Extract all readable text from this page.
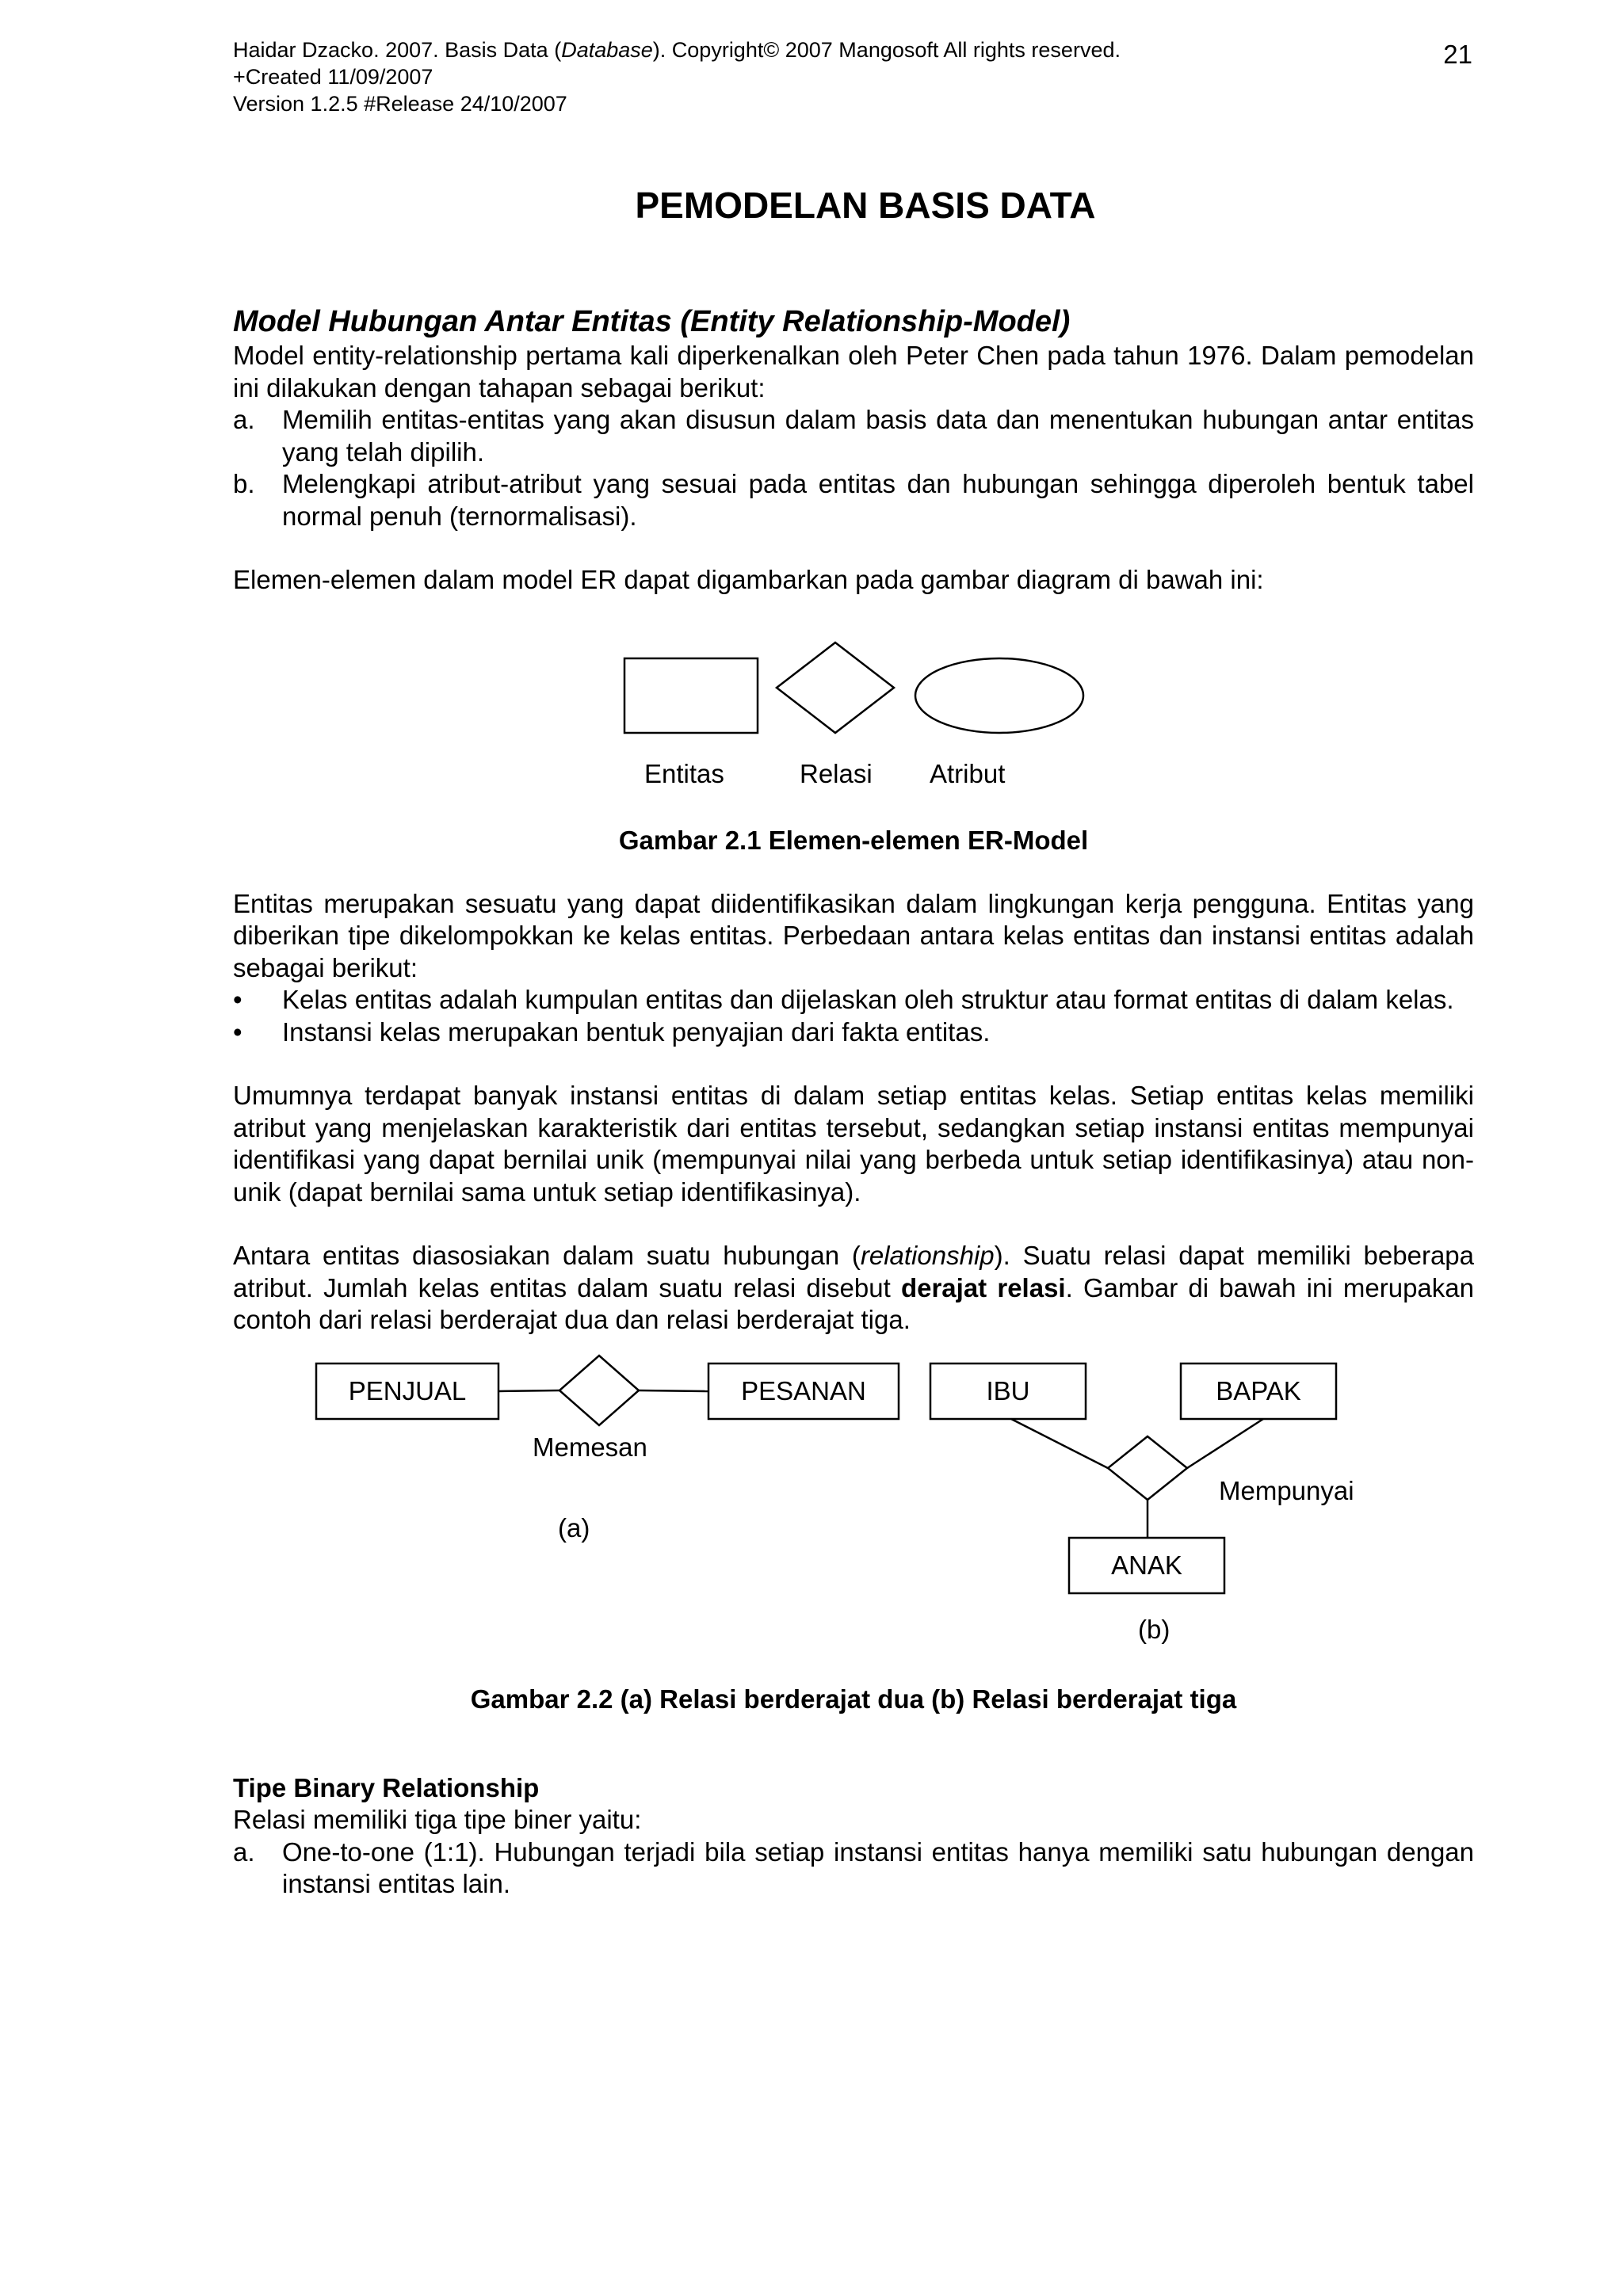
Haidar Dzacko. 2007. Basis Data (Database). Copyright© 2007 Mangosoft All rights reserved.
+Created 11/09/2007
Version 1.2.5 #Release 24/10/2007
21
PEMODELAN BASIS DATA
Model Hubungan Antar Entitas (Entity Relationship-Model)

Model entity-relationship pertama kali diperkenalkan oleh Peter Chen pada tahun 1976. Dalam pemodelan ini dilakukan dengan tahapan sebagai berikut:

a.	Memilih entitas-entitas yang akan disusun dalam basis data dan menentukan hubungan antar entitas yang telah dipilih.
b.	Melengkapi atribut-atribut yang sesuai pada entitas dan hubungan sehingga diperoleh bentuk tabel normal penuh (ternormalisasi).

Elemen-elemen dalam model ER dapat digambarkan pada gambar diagram di bawah ini:

Entitas	Relasi Atribut
Gambar 2.1 Elemen-elemen ER-Model

Entitas merupakan sesuatu yang dapat diidentifikasikan dalam lingkungan kerja pengguna. Entitas yang diberikan tipe dikelompokkan ke kelas entitas. Perbedaan antara kelas entitas dan instansi entitas adalah sebagai berikut:

•	Kelas entitas adalah kumpulan entitas dan dijelaskan oleh struktur atau format entitas di dalam kelas.
•	Instansi kelas merupakan bentuk penyajian dari fakta entitas.

Umumnya terdapat banyak instansi entitas di dalam setiap entitas kelas. Setiap entitas kelas memiliki atribut yang menjelaskan karakteristik dari entitas tersebut, sedangkan setiap instansi entitas mempunyai identifikasi yang dapat bernilai unik (mempunyai nilai yang berbeda untuk setiap identifikasinya) atau non-unik (dapat bernilai sama untuk setiap identifikasinya).

Antara entitas diasosiakan dalam suatu hubungan (relationship). Suatu relasi dapat memiliki beberapa atribut. Jumlah kelas entitas dalam suatu relasi disebut derajat relasi. Gambar di bawah ini merupakan contoh dari relasi berderajat dua dan relasi berderajat tiga.

PENJUAL	PESANAN
Memesan
(a)
IBU	BAPAK
ANAK
Mempunyai
(b)
Gambar 2.2 (a) Relasi berderajat dua (b) Relasi berderajat tiga
Tipe Binary Relationship

Relasi memiliki tiga tipe biner yaitu:

a.	One-to-one (1:1). Hubungan terjadi bila setiap instansi entitas hanya memiliki satu hubungan dengan instansi entitas lain.
